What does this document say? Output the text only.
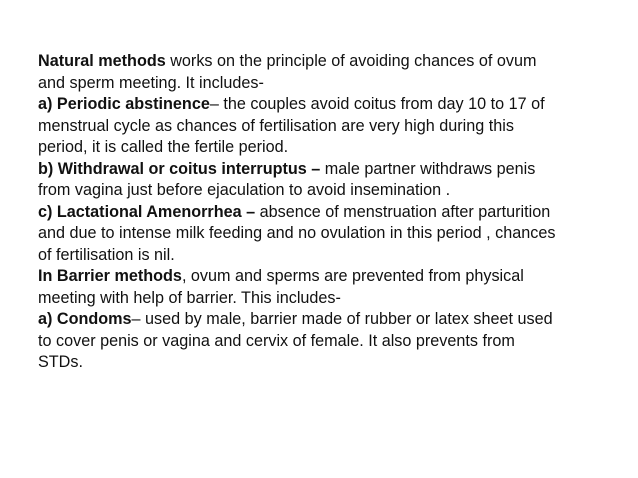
Natural methods works on the principle of avoiding chances of ovum
and sperm meeting. It includes-
a) Periodic abstinence– the couples avoid coitus from day 10 to 17 of
menstrual cycle as chances of fertilisation are very high during this
period, it is called the fertile period.
b) Withdrawal or coitus interruptus – male partner withdraws penis
from vagina just before ejaculation to avoid insemination .
c) Lactational Amenorrhea – absence of menstruation after parturition
and due to intense milk feeding and no ovulation in this period , chances
of fertilisation is nil.
In Barrier methods, ovum and sperms are prevented from physical
meeting with help of barrier. This includes-
a) Condoms– used by male, barrier made of rubber or latex sheet used
to cover penis or vagina and cervix of female. It also prevents from
STDs.
